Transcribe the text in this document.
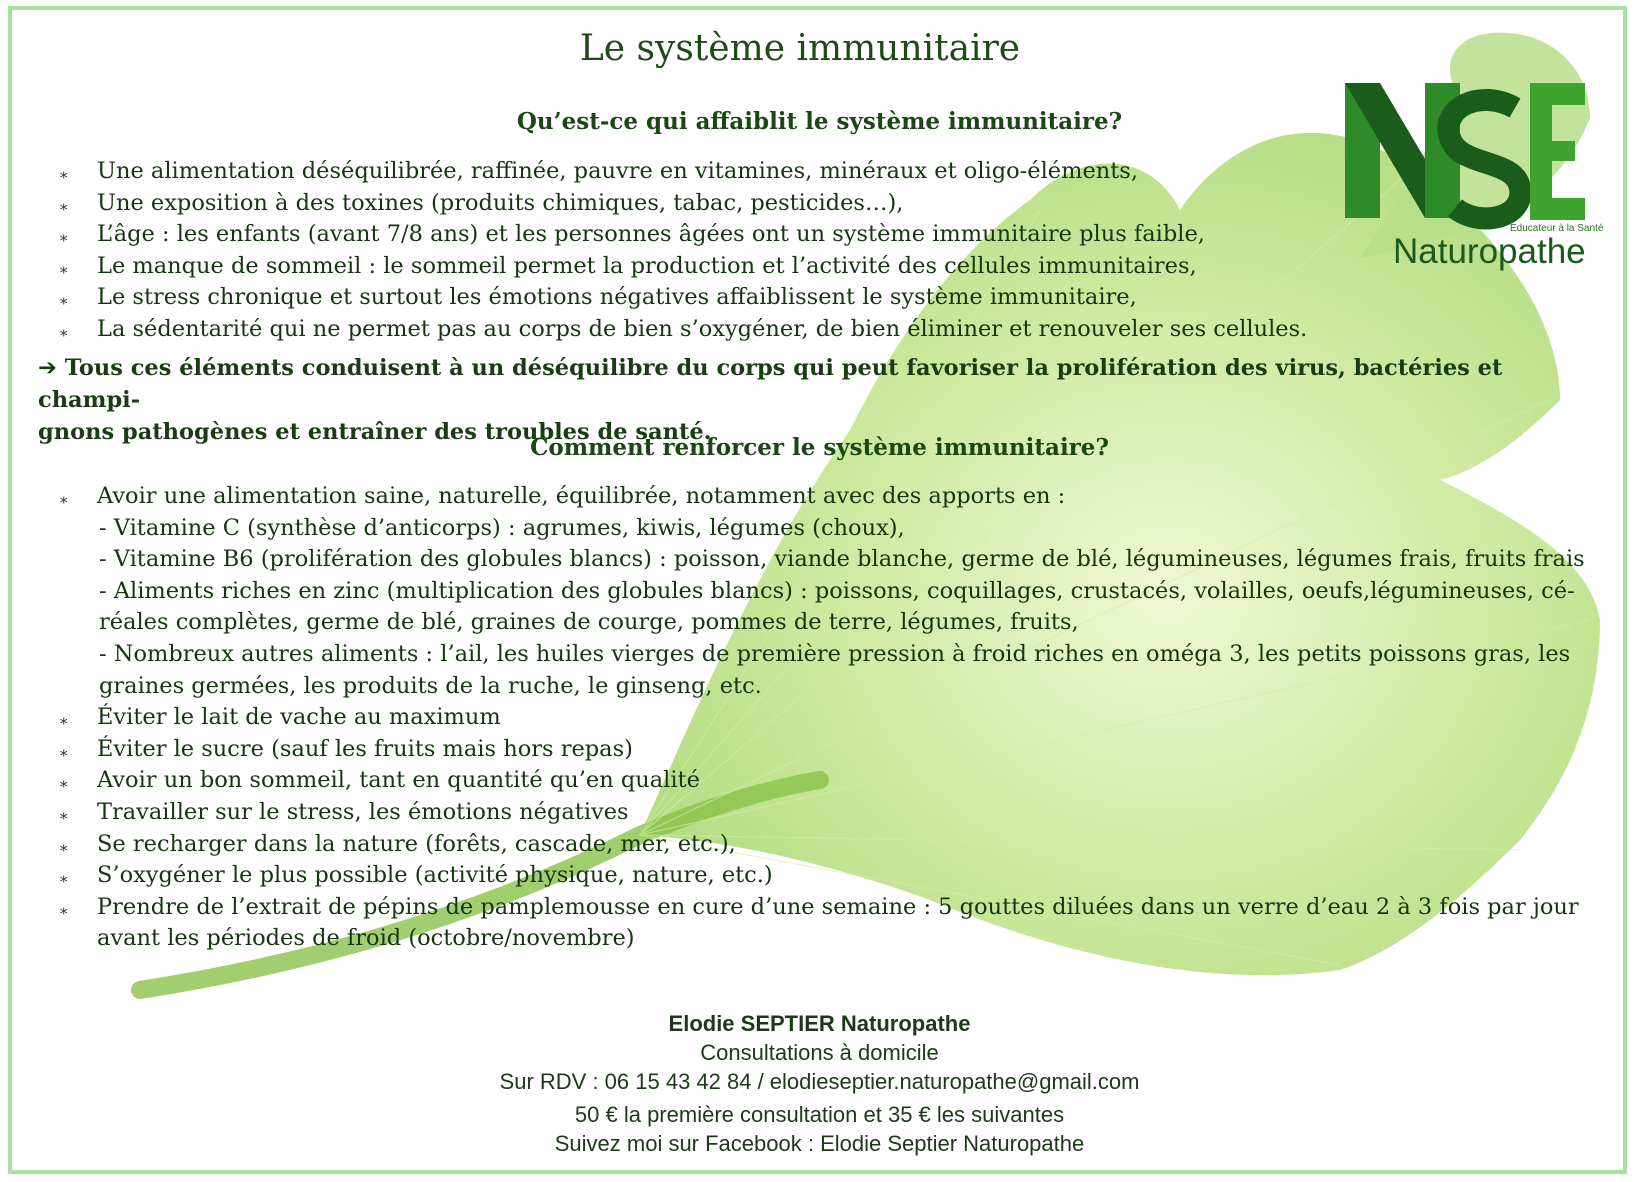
Educateur à la Santé
Naturopathe
Le système immunitaire
Qu’est-ce qui affaiblit le système immunitaire?
⁎ Une alimentation déséquilibrée, raffinée, pauvre en vitamines, minéraux et oligo-éléments,
⁎ Une exposition à des toxines (produits chimiques, tabac, pesticides…),
⁎ L’âge : les enfants (avant 7/8 ans) et les personnes âgées ont un système immunitaire plus faible,
⁎ Le manque de sommeil : le sommeil permet la production et l’activité des cellules immunitaires,
⁎ Le stress chronique et surtout les émotions négatives affaiblissent le système immunitaire,
⁎ La sédentarité qui ne permet pas au corps de bien s’oxygéner, de bien éliminer et renouveler ses cellules.
➔ Tous ces éléments conduisent à un déséquilibre du corps qui peut favoriser la prolifération des virus, bactéries et champi-
gnons pathogènes et entraîner des troubles de santé.
Comment renforcer le système immunitaire?
⁎ Avoir une alimentation saine, naturelle, équilibrée, notamment avec des apports en :
- Vitamine C (synthèse d’anticorps) : agrumes, kiwis, légumes (choux),
- Vitamine B6 (prolifération des globules blancs) : poisson, viande blanche, germe de blé, légumineuses, légumes frais, fruits frais
- Aliments riches en zinc (multiplication des globules blancs) : poissons, coquillages, crustacés, volailles, oeufs,légumineuses, cé-
réales complètes, germe de blé, graines de courge, pommes de terre, légumes, fruits,
- Nombreux autres aliments : l’ail, les huiles vierges de première pression à froid riches en oméga 3, les petits poissons gras, les
graines germées, les produits de la ruche, le ginseng, etc.
⁎ Éviter le lait de vache au maximum
⁎ Éviter le sucre (sauf les fruits mais hors repas)
⁎ Avoir un bon sommeil, tant en quantité qu’en qualité
⁎ Travailler sur le stress, les émotions négatives
⁎ Se recharger dans la nature (forêts, cascade, mer, etc.),
⁎ S’oxygéner le plus possible (activité physique, nature, etc.)
⁎ Prendre de l’extrait de pépins de pamplemousse en cure d’une semaine : 5 gouttes diluées dans un verre d’eau 2 à 3 fois par jour
avant les périodes de froid (octobre/novembre)
Elodie SEPTIER Naturopathe
Consultations à domicile
Sur RDV : 06 15 43 42 84 / elodieseptier.naturopathe@gmail.com
50 € la première consultation et 35 € les suivantes
Suivez moi sur Facebook : Elodie Septier Naturopathe
